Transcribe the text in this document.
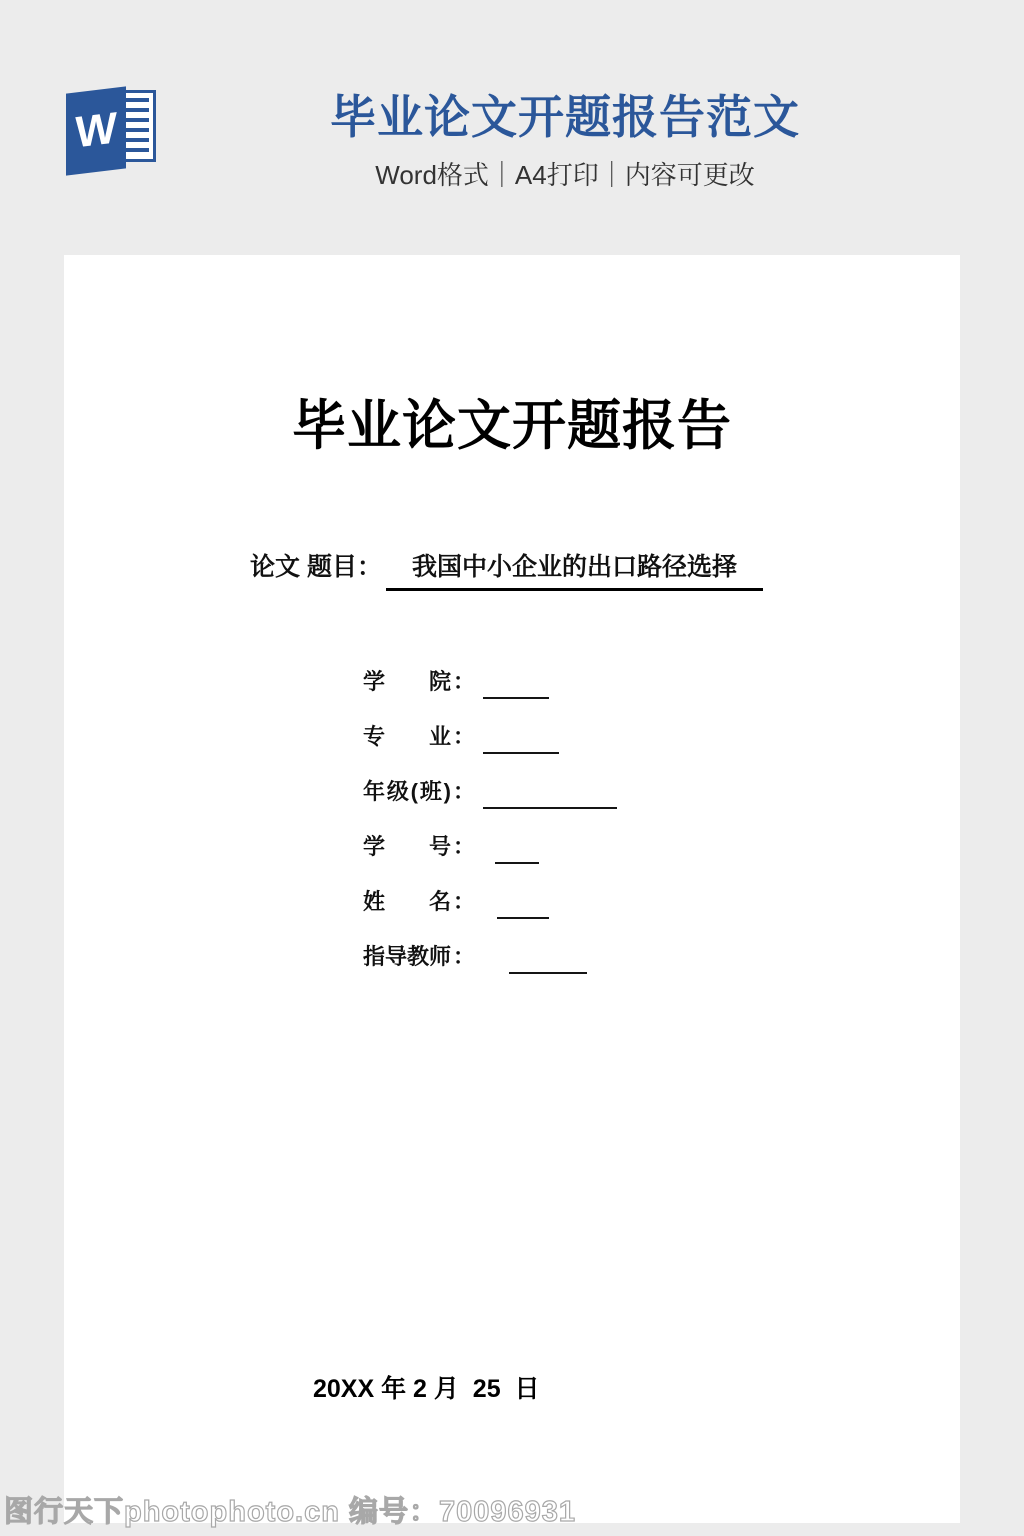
W	毕业论文开题报告范文
Word格式｜A4打印｜内容可更改
毕业论文开题报告
论文 题目： 我国中小企业的出口路径选择
学　院 ：
专　业 ：
年级(班) ：
学　号 ：
姓　名 ：
指导教师 ：
20XX 年 2 月  25  日
图行天下photophoto.cn 编号：70096931
